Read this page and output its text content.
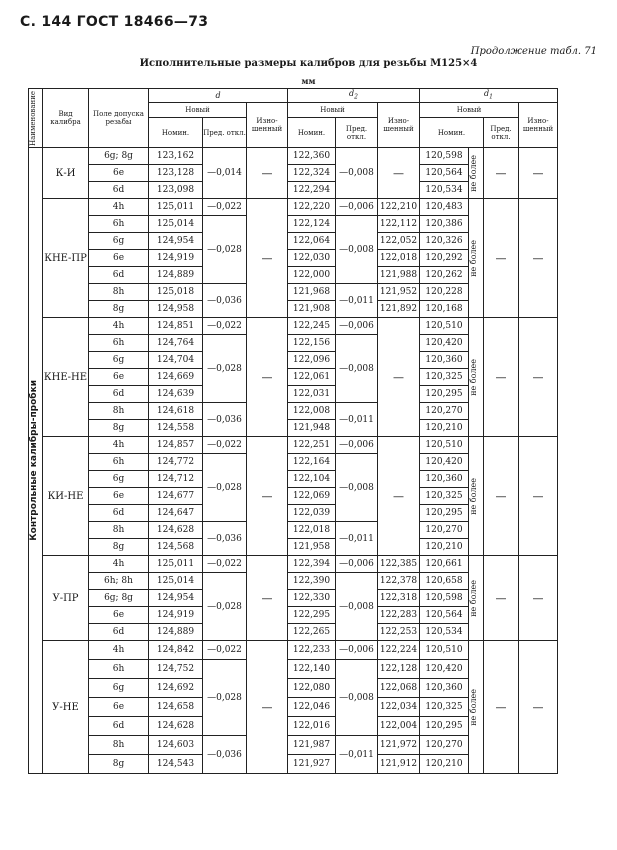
С. 144 ГОСТ 18466—73
Продолжение табл. 71
Исполнительные размеры калибров для резьбы М125×4
мм
Наименование	Вид калибра	Поле допуска резьбы	d			$d_2$			$d_1$
			Новый		Изно-шенный	Новый		Изно-шенный	Новый			Изно-шенный
			Номин.	Пред. откл.		Номин.	Пред. откл.		Номин.		Пред. откл.	

Контрольные калибры-пробки	К-И	6g; 8g	123,162	—0,014	—	122,360	—0,008	—	120,598	не более	—	—
		6e	123,128			122,324			120,564			
		6d	123,098			122,294			120,534			
	КНЕ-ПР	4h	125,011	—0,022	—	122,220	—0,006	122,210	120,483	не более	—	—
		6h	125,014	—0,028		122,124	—0,008	122,112	120,386			
		6g	124,954			122,064		122,052	120,326			
		6e	124,919			122,030		122,018	120,292			
		6d	124,889			122,000		121,988	120,262			
		8h	125,018	—0,036		121,968	—0,011	121,952	120,228			
		8g	124,958			121,908		121,892	120,168			
	КНЕ-НЕ	4h	124,851	—0,022	—	122,245	—0,006	—	120,510	не более	—	—
		6h	124,764	—0,028		122,156	—0,008		120,420			
		6g	124,704			122,096			120,360			
		6e	124,669			122,061			120,325			
		6d	124,639			122,031			120,295			
		8h	124,618	—0,036		122,008	—0,011		120,270			
		8g	124,558			121,948			120,210			
	КИ-НЕ	4h	124,857	—0,022	—	122,251	—0,006	—	120,510	не более	—	—
		6h	124,772	—0,028		122,164	—0,008		120,420			
		6g	124,712			122,104			120,360			
		6e	124,677			122,069			120,325			
		6d	124,647			122,039			120,295			
		8h	124,628	—0,036		122,018	—0,011		120,270			
		8g	124,568			121,958			120,210			
	У-ПР	4h	125,011	—0,022	—	122,394	—0,006	122,385	120,661	не более	—	—
		6h; 8h	125,014	—0,028		122,390	—0,008	122,378	120,658			
		6g; 8g	124,954			122,330		122,318	120,598			
		6e	124,919			122,295		122,283	120,564			
		6d	124,889			122,265		122,253	120,534			
	У-НЕ	4h	124,842	—0,022	—	122,233	—0,006	122,224	120,510	не более	—	—
		6h	124,752	—0,028		122,140	—0,008	122,128	120,420			
		6g	124,692			122,080		122,068	120,360			
		6e	124,658			122,046		122,034	120,325			
		6d	124,628			122,016		122,004	120,295			
		8h	124,603	—0,036		121,987	—0,011	121,972	120,270			
		8g	124,543			121,927		121,912	120,210			
